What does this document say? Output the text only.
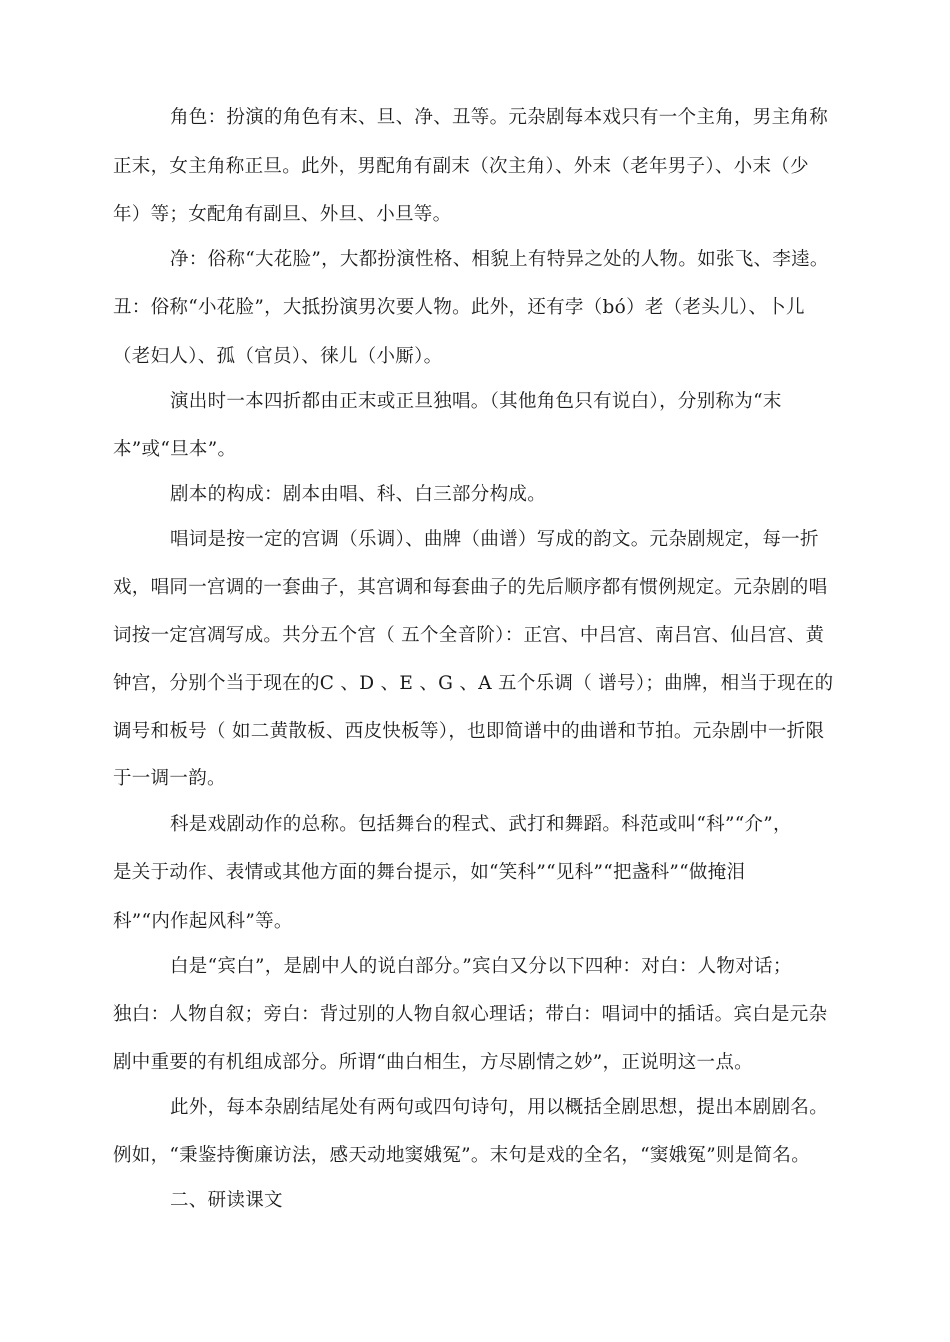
角色：扮演的角色有末、旦、净、丑等。元杂剧每本戏只有一个主角，男主角称
正末，女主角称正旦。此外，男配角有副末（次主角）、外末（老年男子）、小末（少
年）等；女配角有副旦、外旦、小旦等。
净：俗称“大花脸”，大都扮演性格、相貌上有特异之处的人物。如张飞、李逵。
丑：俗称“小花脸”，大抵扮演男次要人物。此外，还有孛（bó）老（老头儿）、卜儿
（老妇人）、孤（官员）、徕儿（小厮）。
演出时一本四折都由正末或正旦独唱。（其他角色只有说白），分别称为“末
本”或“旦本”。
剧本的构成：剧本由唱、科、白三部分构成。
唱词是按一定的宫调（乐调）、曲牌（曲谱）写成的韵文。元杂剧规定，每一折
戏，唱同一宫调的一套曲子，其宫调和每套曲子的先后顺序都有惯例规定。元杂剧的唱
词按一定宫凋写成。共分五个宫（ 五个全音阶）：正宫、中吕宫、南吕宫、仙吕宫、黄
钟宫，分别个当于现在的C 、D 、E 、G 、A 五个乐调（ 谱号）；曲牌，相当于现在的
调号和板号（ 如二黄散板、西皮快板等），也即简谱中的曲谱和节拍。元杂剧中一折限
于一调一韵。
科是戏剧动作的总称。包括舞台的程式、武打和舞蹈。科范或叫“科”“介”，
是关于动作、表情或其他方面的舞台提示，如“笑科”“见科”“把盏科”“做掩泪
科”“内作起风科”等。
白是“宾白”，是剧中人的说白部分。”宾白又分以下四种：对白：人物对话；
独白：人物自叙；旁白：背过别的人物自叙心理话；带白：唱词中的插话。宾白是元杂
剧中重要的有机组成部分。所谓“曲白相生，方尽剧情之妙”，正说明这一点。
此外，每本杂剧结尾处有两句或四句诗句，用以概括全剧思想，提出本剧剧名。
例如，“秉鉴持衡廉访法，感天动地窦娥冤”。末句是戏的全名，“窦娥冤”则是简名。
二、研读课文
